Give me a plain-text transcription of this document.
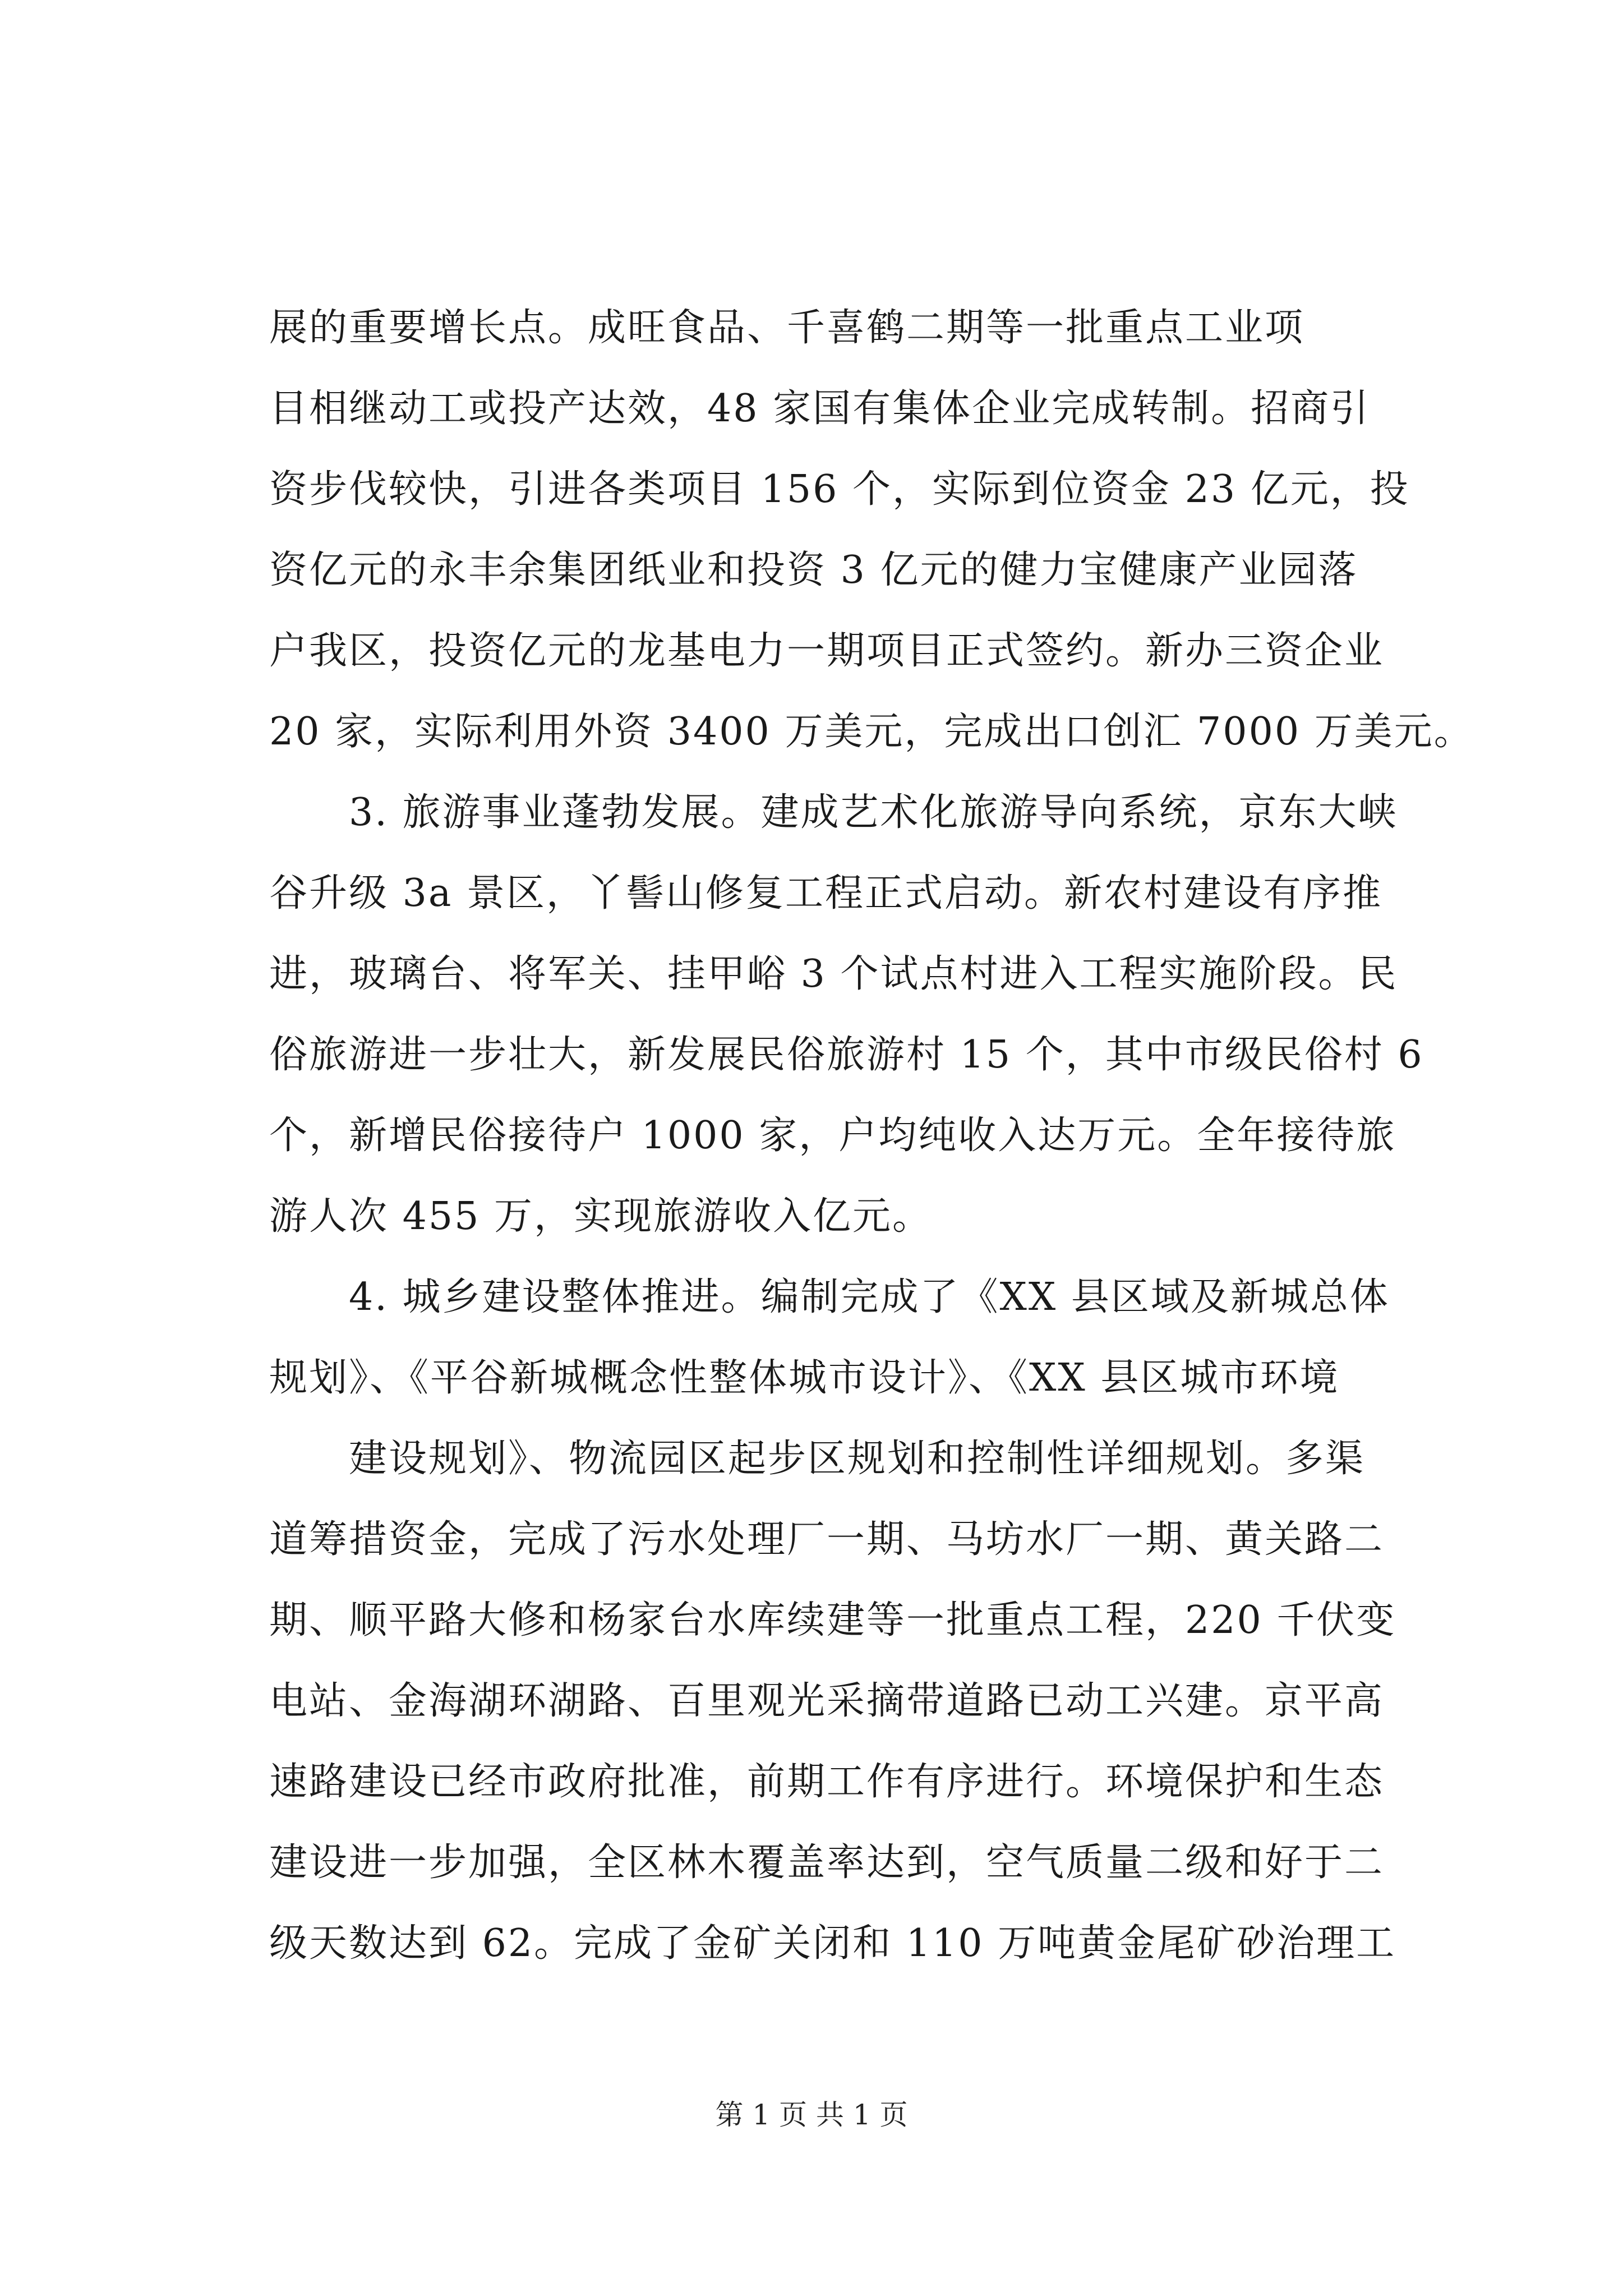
展的重要增长点。成旺食品、千喜鹤二期等一批重点工业项
目相继动工或投产达效，48 家国有集体企业完成转制。招商引
资步伐较快，引进各类项目 156 个，实际到位资金 23 亿元，投
资亿元的永丰余集团纸业和投资 3 亿元的健力宝健康产业园落
户我区，投资亿元的龙基电力一期项目正式签约。新办三资企业
20 家，实际利用外资 3400 万美元，完成出口创汇 7000 万美元。
3. 旅游事业蓬勃发展。建成艺术化旅游导向系统，京东大峡
谷升级 3a 景区，丫髻山修复工程正式启动。新农村建设有序推
进，玻璃台、将军关、挂甲峪 3 个试点村进入工程实施阶段。民
俗旅游进一步壮大，新发展民俗旅游村 15 个，其中市级民俗村 6
个，新增民俗接待户 1000 家，户均纯收入达万元。全年接待旅
游人次 455 万，实现旅游收入亿元。
4. 城乡建设整体推进。编制完成了《XX 县区域及新城总体
规划》、《平谷新城概念性整体城市设计》、《XX 县区城市环境
建设规划》、物流园区起步区规划和控制性详细规划。多渠
道筹措资金，完成了污水处理厂一期、马坊水厂一期、黄关路二
期、顺平路大修和杨家台水库续建等一批重点工程，220 千伏变
电站、金海湖环湖路、百里观光采摘带道路已动工兴建。京平高
速路建设已经市政府批准，前期工作有序进行。环境保护和生态
建设进一步加强，全区林木覆盖率达到，空气质量二级和好于二
级天数达到 62。完成了金矿关闭和 110 万吨黄金尾矿砂治理工
第 1 页 共 1 页
